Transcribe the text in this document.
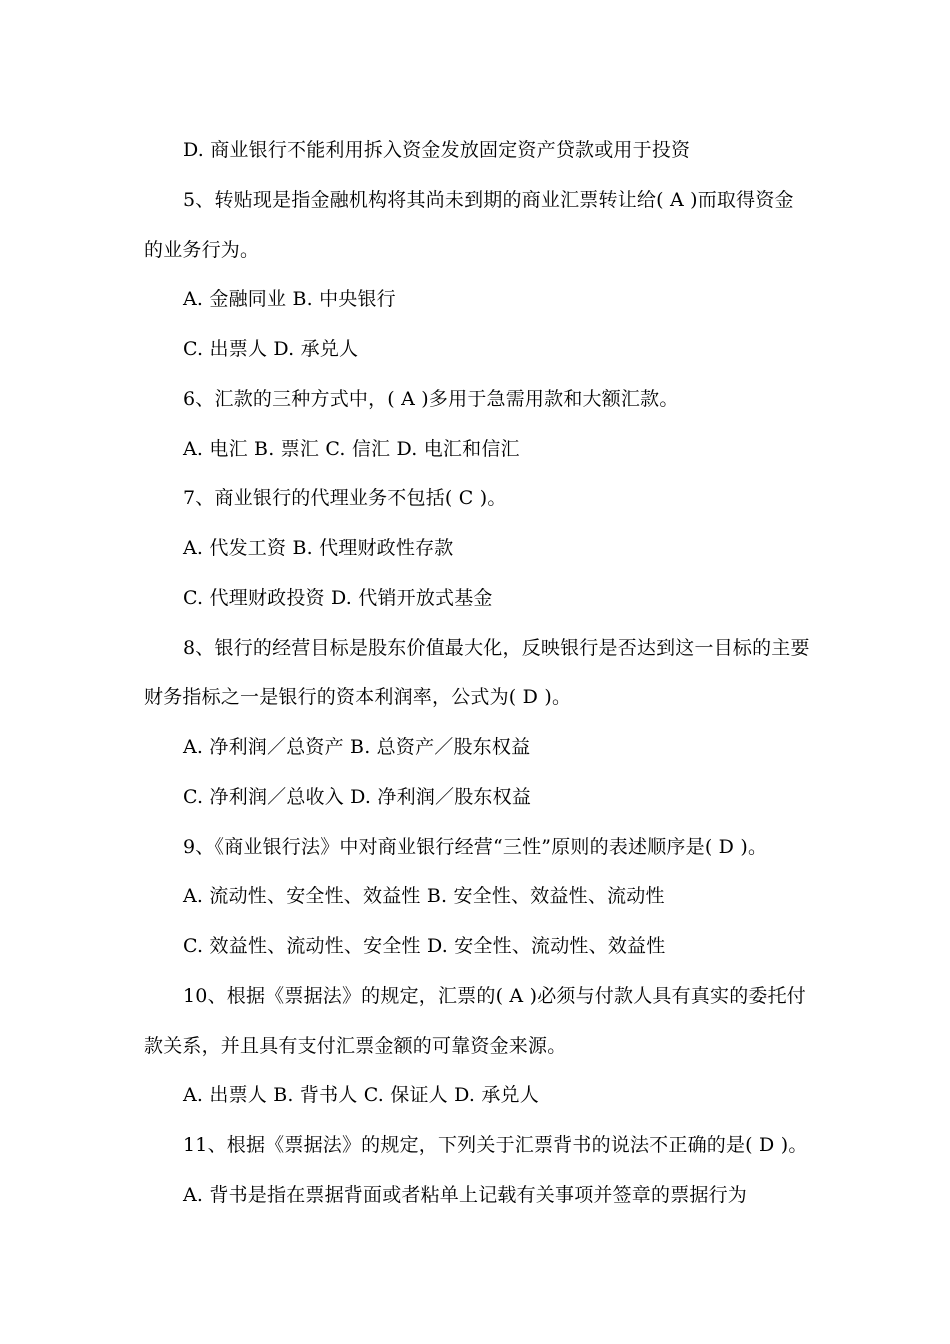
D. 商业银行不能利用拆入资金发放固定资产贷款或用于投资
5、转贴现是指金融机构将其尚未到期的商业汇票转让给( A )而取得资金
的业务行为。
A. 金融同业 B. 中央银行
C. 出票人 D. 承兑人
6、汇款的三种方式中，( A )多用于急需用款和大额汇款。
A. 电汇 B. 票汇 C. 信汇 D. 电汇和信汇
7、商业银行的代理业务不包括( C )。
A. 代发工资 B. 代理财政性存款
C. 代理财政投资 D. 代销开放式基金
8、银行的经营目标是股东价值最大化，反映银行是否达到这一目标的主要
财务指标之一是银行的资本利润率，公式为( D )。
A. 净利润／总资产 B. 总资产／股东权益
C. 净利润／总收入 D. 净利润／股东权益
9、《商业银行法》中对商业银行经营“三性”原则的表述顺序是( D )。
A. 流动性、安全性、效益性 B. 安全性、效益性、流动性
C. 效益性、流动性、安全性 D. 安全性、流动性、效益性
10、根据《票据法》的规定，汇票的( A )必须与付款人具有真实的委托付
款关系，并且具有支付汇票金额的可靠资金来源。
A. 出票人 B. 背书人 C. 保证人 D. 承兑人
11、根据《票据法》的规定，下列关于汇票背书的说法不正确的是( D )。
A. 背书是指在票据背面或者粘单上记载有关事项并签章的票据行为
